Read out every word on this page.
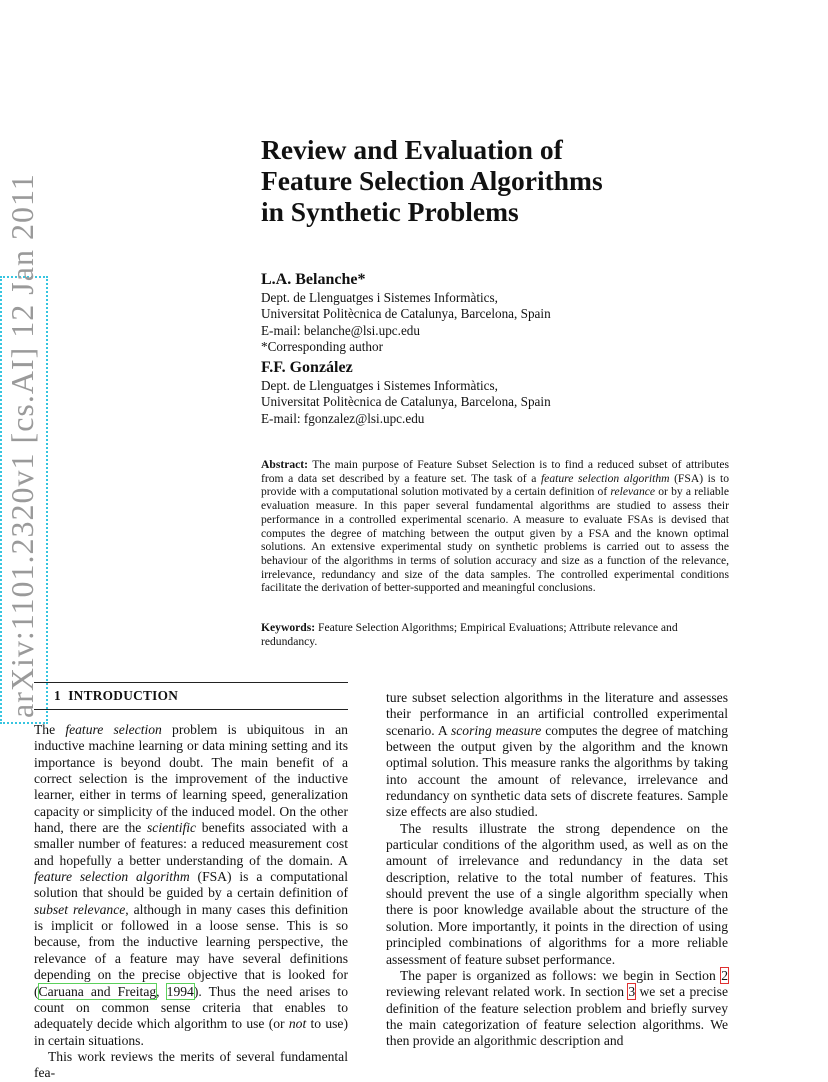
arXiv:1101.2320v1 [cs.AI] 12 Jan 2011
Review and Evaluation of
Feature Selection Algorithms
in Synthetic Problems
L.A. Belanche*
Dept. de Llenguatges i Sistemes Informàtics,
Universitat Politècnica de Catalunya, Barcelona, Spain
E-mail: belanche@lsi.upc.edu
*Corresponding author
F.F. González
Dept. de Llenguatges i Sistemes Informàtics,
Universitat Politècnica de Catalunya, Barcelona, Spain
E-mail: fgonzalez@lsi.upc.edu
Abstract: The main purpose of Feature Subset Selection is to find a reduced subset of attributes from a data set described by a feature set. The task of a feature selection algorithm (FSA) is to provide with a computational solution motivated by a certain definition of relevance or by a reliable evaluation measure. In this paper several fundamental algorithms are studied to assess their performance in a controlled experimental scenario. A measure to evaluate FSAs is devised that computes the degree of matching between the output given by a FSA and the known optimal solutions. An extensive experimental study on synthetic problems is carried out to assess the behaviour of the algorithms in terms of solution accuracy and size as a function of the relevance, irrelevance, redundancy and size of the data samples. The controlled experimental conditions facilitate the derivation of better-supported and meaningful conclusions.
Keywords: Feature Selection Algorithms; Empirical Evaluations; Attribute relevance and redundancy.
1 INTRODUCTION

The feature selection problem is ubiquitous in an inductive machine learning or data mining setting and its importance is beyond doubt. The main benefit of a correct selection is the improvement of the inductive learner, either in terms of learning speed, generalization capacity or simplicity of the induced model. On the other hand, there are the scientific benefits associated with a smaller number of features: a reduced measurement cost and hopefully a better understanding of the domain. A feature selection algorithm (FSA) is a computational solution that should be guided by a certain definition of subset relevance, although in many cases this definition is implicit or followed in a loose sense. This is so because, from the inductive learning perspective, the relevance of a feature may have several definitions depending on the precise objective that is looked for (Caruana and Freitag, 1994). Thus the need arises to count on common sense criteria that enables to adequately decide which algorithm to use (or not to use) in certain situations.

This work reviews the merits of several fundamental fea-

ture subset selection algorithms in the literature and assesses their performance in an artificial controlled experimental scenario. A scoring measure computes the degree of matching between the output given by the algorithm and the known optimal solution. This measure ranks the algorithms by taking into account the amount of relevance, irrelevance and redundancy on synthetic data sets of discrete features. Sample size effects are also studied.

The results illustrate the strong dependence on the particular conditions of the algorithm used, as well as on the amount of irrelevance and redundancy in the data set description, relative to the total number of features. This should prevent the use of a single algorithm specially when there is poor knowledge available about the structure of the solution. More importantly, it points in the direction of using principled combinations of algorithms for a more reliable assessment of feature subset performance.

The paper is organized as follows: we begin in Section 2 reviewing relevant related work. In section 3 we set a precise definition of the feature selection problem and briefly survey the main categorization of feature selection algorithms. We then provide an algorithmic description and
